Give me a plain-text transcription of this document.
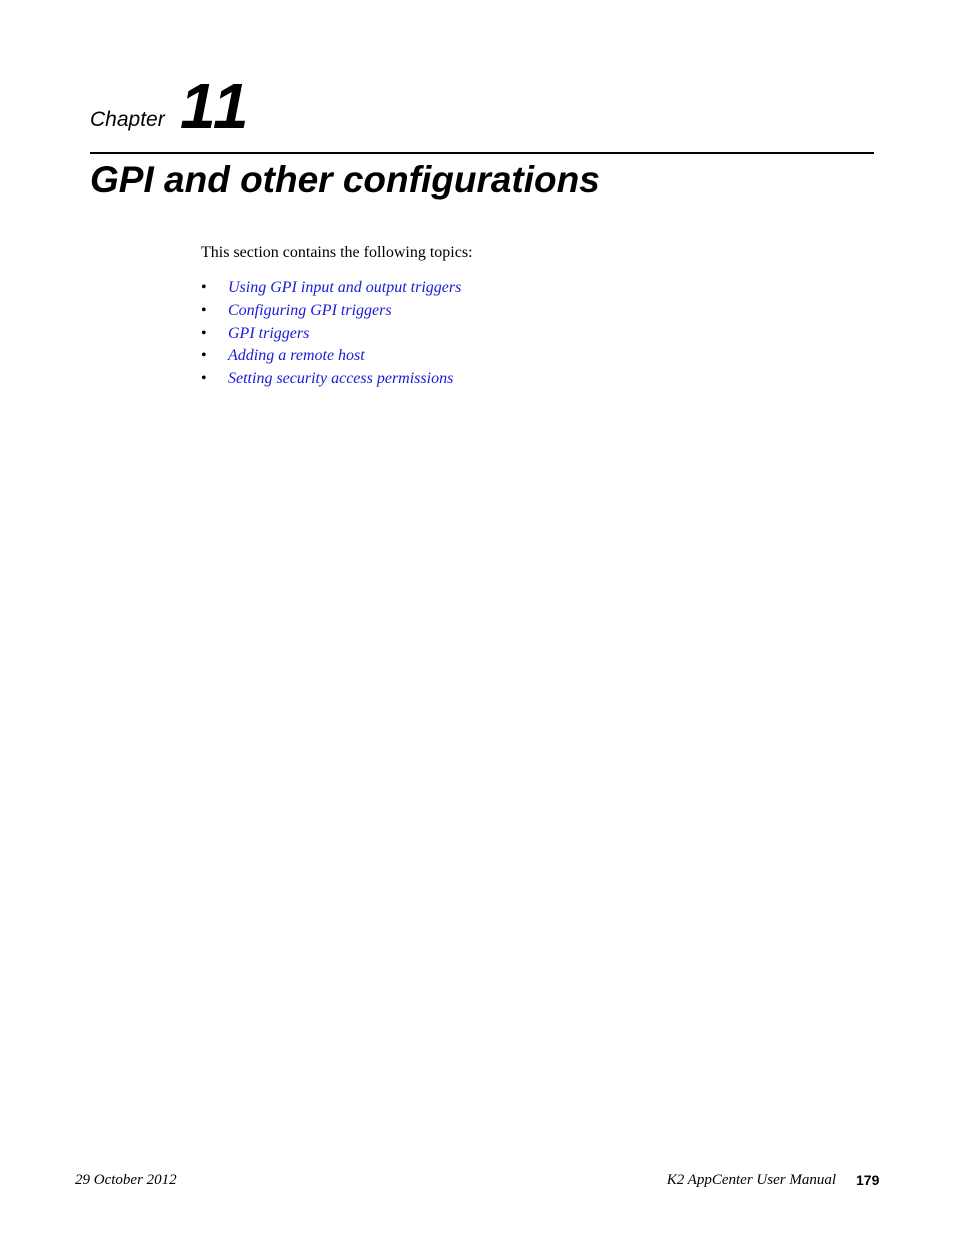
Chapter 11
GPI and other configurations

This section contains the following topics:

•	Using GPI input and output triggers
•	Configuring GPI triggers
•	GPI triggers
•	Adding a remote host
•	Setting security access permissions
29 October 2012	K2 AppCenter User Manual 179
